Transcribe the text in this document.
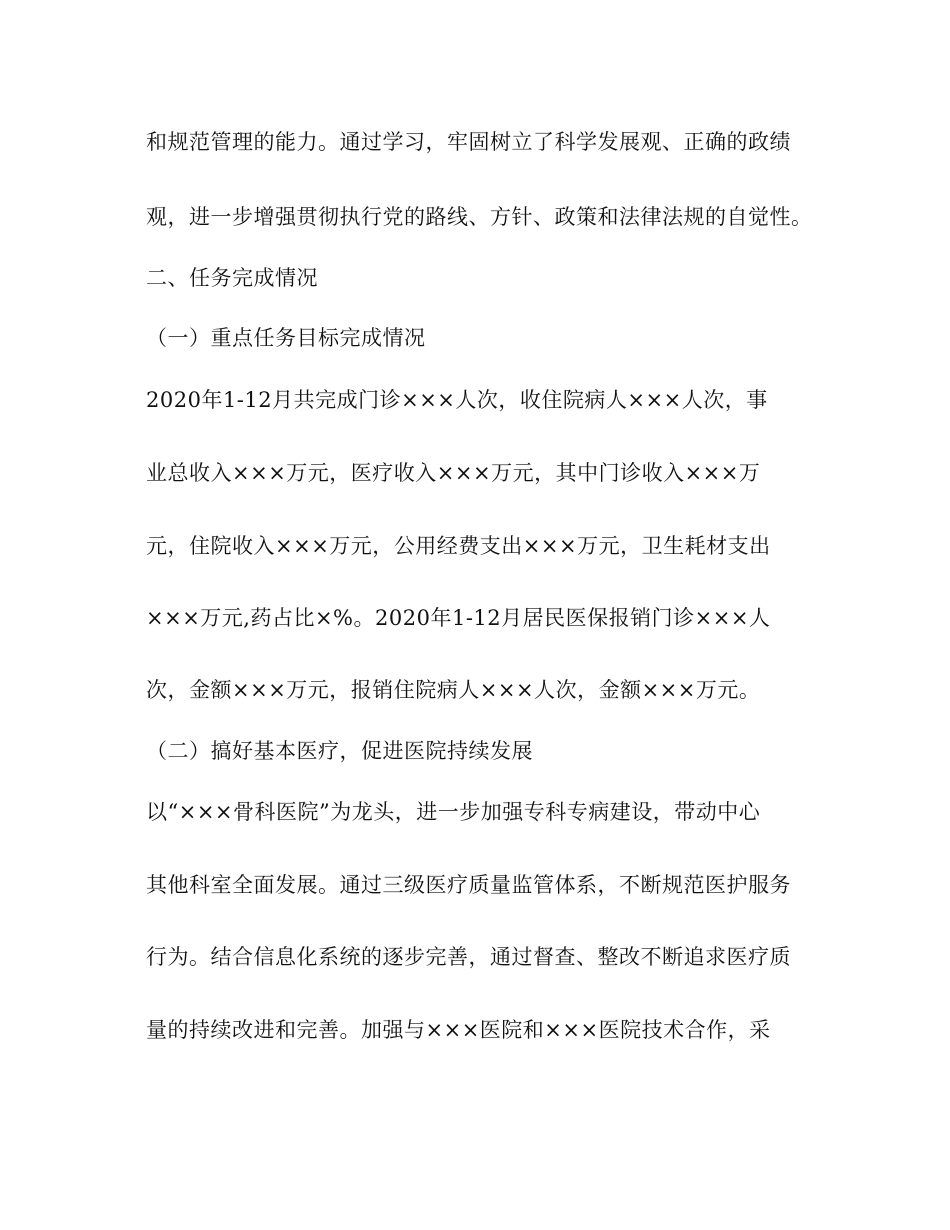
和规范管理的能力。通过学习，牢固树立了科学发展观、正确的政绩
观，进一步增强贯彻执行党的路线、方针、政策和法律法规的自觉性。
二、任务完成情况
（一）重点任务目标完成情况
2020年1-12月共完成门诊×××人次，收住院病人×××人次，事
业总收入×××万元，医疗收入×××万元，其中门诊收入×××万
元，住院收入×××万元，公用经费支出×××万元，卫生耗材支出
×××万元,药占比×%。2020年1-12月居民医保报销门诊×××人
次，金额×××万元，报销住院病人×××人次，金额×××万元。
（二）搞好基本医疗，促进医院持续发展
以“×××骨科医院”为龙头，进一步加强专科专病建设，带动中心
其他科室全面发展。通过三级医疗质量监管体系，不断规范医护服务
行为。结合信息化系统的逐步完善，通过督查、整改不断追求医疗质
量的持续改进和完善。加强与×××医院和×××医院技术合作，采
